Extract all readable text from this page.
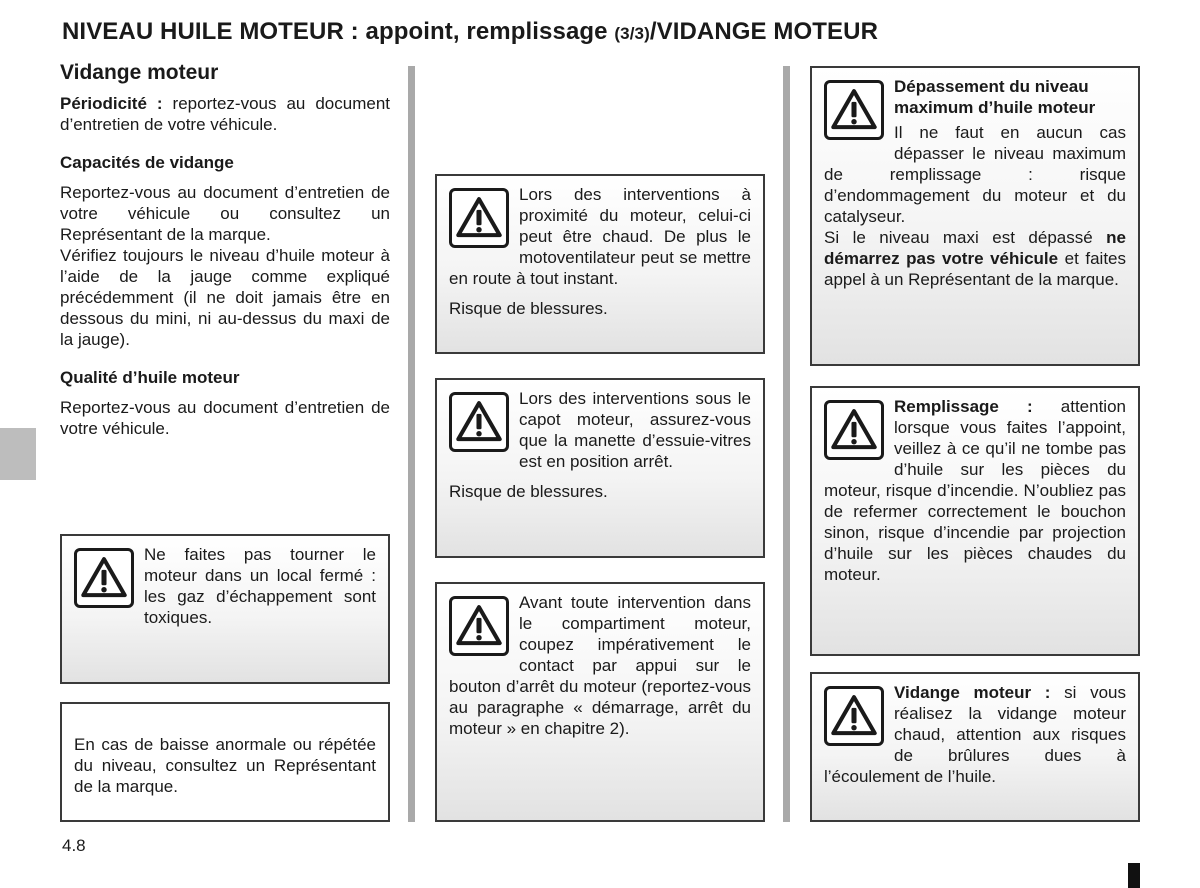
NIVEAU HUILE MOTEUR : appoint, remplissage (3/3)/VIDANGE MOTEUR
Vidange moteur

Périodicité : reportez-vous au document d’entretien de votre véhicule.

Capacités de vidange

Reportez-vous au document d’entretien de votre véhicule ou consultez un Représentant de la marque.

Vérifiez toujours le niveau d’huile moteur à l’aide de la jauge comme expliqué précédemment (il ne doit jamais être en dessous du mini, ni au-dessus du maxi de la jauge).

Qualité d’huile moteur

Reportez-vous au document d’entretien de votre véhicule.

Ne faites pas tourner le moteur dans un local fermé : les gaz d’échappement sont toxiques.

En cas de baisse anormale ou répétée du niveau, consultez un Représentant de la marque.

Lors des interventions à proximité du moteur, celui-ci peut être chaud. De plus le motoventilateur peut se mettre en route à tout instant.

Risque de blessures.

Lors des interventions sous le capot moteur, assurez-vous que la manette d’essuie-vitres est en position arrêt.

Risque de blessures.

Avant toute intervention dans le compartiment moteur, coupez impérativement le contact par appui sur le bouton d’arrêt du moteur (reportez-vous au paragraphe « démarrage, arrêt du moteur » en chapitre 2).

Dépassement du niveau maximum d’huile moteur

Il ne faut en aucun cas dépasser le niveau maximum de remplissage : risque d’endommagement du moteur et du catalyseur.

Si le niveau maxi est dépassé ne démarrez pas votre véhicule et faites appel à un Représentant de la marque.

Remplissage : attention lorsque vous faites l’appoint, veillez à ce qu’il ne tombe pas d’huile sur les pièces du moteur, risque d’incendie. N’oubliez pas de refermer correctement le bouchon sinon, risque d’incendie par projection d’huile sur les pièces chaudes du moteur.

Vidange moteur : si vous réalisez la vidange moteur chaud, attention aux risques de brûlures dues à l’écoulement de l’huile.

4.8
